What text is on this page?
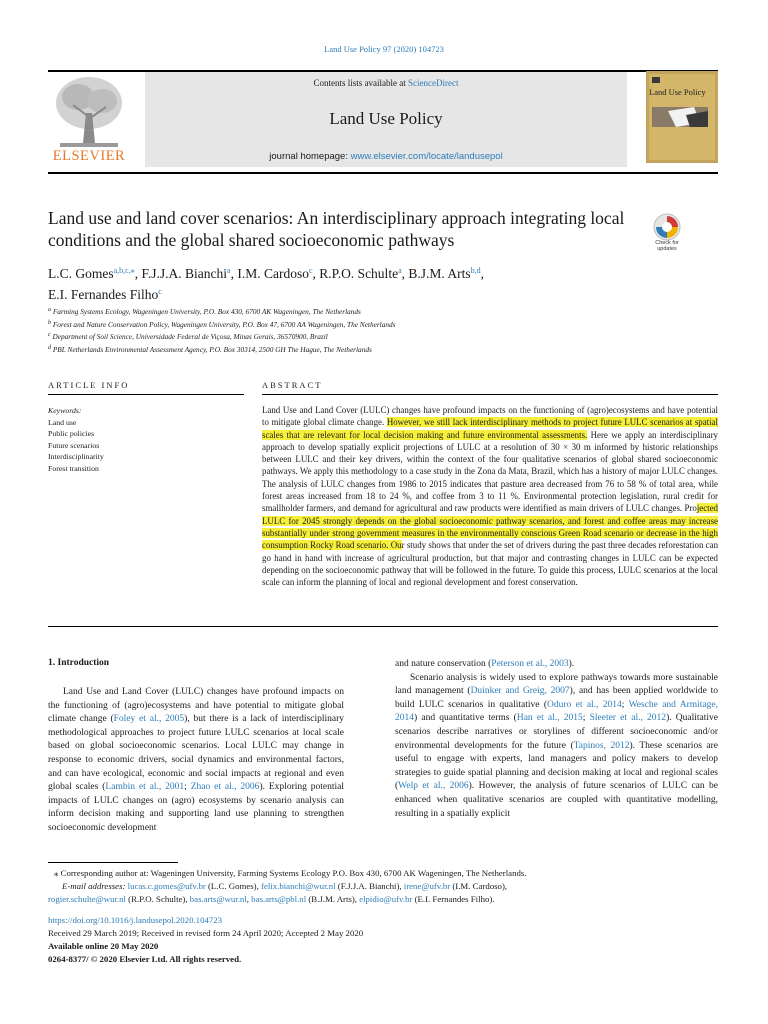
Land Use Policy 97 (2020) 104723
Contents lists available at ScienceDirect
Land Use Policy
journal homepage: www.elsevier.com/locate/landusepol
ELSEVIER
Land Use Policy
Land use and land cover scenarios: An interdisciplinary approach integrating local conditions and the global shared socioeconomic pathways	Check for updates
L.C. Gomes$^{a,b,c,⁎}$, F.J.J.A. Bianchi$^a$, I.M. Cardoso$^c$, R.P.O. Schulte$^a$, B.J.M. Arts$^{b,d}$,
E.I. Fernandes Filho$^c$
$^a$ Farming Systems Ecology, Wageningen University, P.O. Box 430, 6700 AK Wageningen, The Netherlands
$^b$ Forest and Nature Conservation Policy, Wageningen University, P.O. Box 47, 6700 AA Wageningen, The Netherlands
$^c$ Department of Soil Science, Universidade Federal de Viçosa, Minas Gerais, 36570900, Brazil
$^d$ PBL Netherlands Environmental Assessment Agency, P.O. Box 30314, 2500 GH The Hague, The Netherlands
ARTICLE INFO	ABSTRACT
Keywords:
Land use
Public policies
Future scenarios
Interdisciplinarity
Forest transition
Land Use and Land Cover (LULC) changes have profound impacts on the functioning of (agro)ecosystems and have potential to mitigate global climate change. However, we still lack interdisciplinary methods to project future LULC scenarios at spatial scales that are relevant for local decision making and future environmental assessments. Here we apply an interdisciplinary approach to develop spatially explicit projections of LULC at a resolution of 30 × 30 m informed by historic relationships between LULC and their key drivers, within the context of the four qualitative scenarios of global shared socioeconomic pathways. We apply this methodology to a case study in the Zona da Mata, Brazil, which has a history of major LULC changes. The analysis of LULC changes from 1986 to 2015 indicates that pasture area decreased from 76 to 58 % of total area, while forest areas increased from 18 to 24 %, and coffee from 3 to 11 %. Environmental protection legislation, rural credit for smallholder farmers, and demand for agricultural and raw products were identified as main drivers of LULC changes. Projected LULC for 2045 strongly depends on the global socioeconomic pathway scenarios, and forest and coffee areas may increase substantially under strong government measures in the environmentally conscious Green Road scenario or decrease in the high consumption Rocky Road scenario. Our study shows that under the set of drivers during the past three decades reforestation can go hand in hand with increase of agricultural production, but that major and contrasting changes in LULC can be expected depending on the socioeconomic pathway that will be followed in the future. To guide this process, LULC scenarios at the local scale can inform the planning of local and regional development and forest conservation.
1. Introduction

Land Use and Land Cover (LULC) changes have profound impacts on the functioning of (agro)ecosystems and have potential to mitigate global climate change (Foley et al., 2005), but there is a lack of interdisciplinary methodological approaches to project future LULC scenarios at local scale based on global socioeconomic scenarios. Local LULC may change in response to economic drivers, social dynamics and environmental factors, and can have ecological, economic and social impacts at regional and even global scales (Lambin et al., 2001; Zhao et al., 2006). Exploring potential impacts of LULC changes on (agro) ecosystems by scenario analysis can inform decision making and supporting land use planning to strengthen socioeconomic development

and nature conservation (Peterson et al., 2003).

Scenario analysis is widely used to explore pathways towards more sustainable land management (Duinker and Greig, 2007), and has been applied worldwide to build LULC scenarios in qualitative (Oduro et al., 2014; Wesche and Armitage, 2014) and quantitative terms (Han et al., 2015; Sleeter et al., 2012). Qualitative scenarios describe narratives or storylines of different socioeconomic and/or environmental developments for the future (Tapinos, 2012). These scenarios are useful to engage with experts, land managers and policy makers to develop strategies to guide spatial planning and decision making at local and regional scales (Welp et al., 2006). However, the analysis of future scenarios of LULC can be enhanced when qualitative scenarios are coupled with quantitative modelling, resulting in a spatially explicit

⁎ Corresponding author at: Wageningen University, Farming Systems Ecology P.O. Box 430, 6700 AK Wageningen, The Netherlands.
E-mail addresses: lucas.c.gomes@ufv.br (L.C. Gomes), felix.bianchi@wur.nl (F.J.J.A. Bianchi), irene@ufv.br (I.M. Cardoso),
rogier.schulte@wur.nl (R.P.O. Schulte), bas.arts@wur.nl, bas.arts@pbl.nl (B.J.M. Arts), elpidio@ufv.br (E.I. Fernandes Filho).
https://doi.org/10.1016/j.landusepol.2020.104723
Received 29 March 2019; Received in revised form 24 April 2020; Accepted 2 May 2020
Available online 20 May 2020
0264-8377/ © 2020 Elsevier Ltd. All rights reserved.
